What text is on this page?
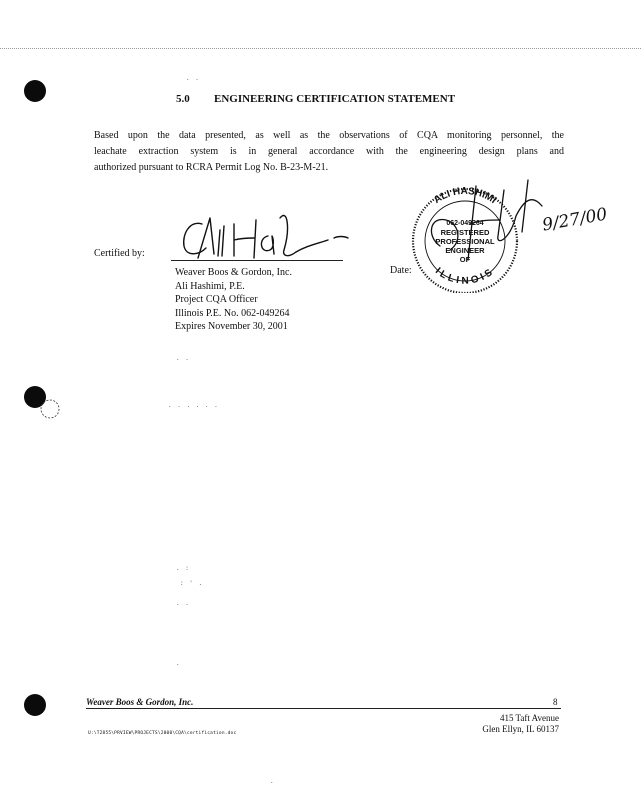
. .
. .
. . . . . .
. :
: ' .
. .
.
.
5.0 ENGINEERING CERTIFICATION STATEMENT
Based upon the data presented, as well as the observations of CQA monitoring personnel, the
leachate extraction system is in general accordance with the engineering design plans and
authorized pursuant to RCRA Permit Log No. B-23-M-21.
Certified by:
Weaver Boos & Gordon, Inc.
Ali Hashimi, P.E.
Project CQA Officer
Illinois P.E. No. 062-049264
Expires November 30, 2001
ALI HASHIMI
ILLINOIS
062-049264
REGISTERED
PROFESSIONAL
ENGINEER
OF
9/27/00
Date:
Weaver Boos & Gordon, Inc.	8
415 Taft Avenue
Glen Ellyn, IL 60137
U:\T2855\PRVIEW\PROJECTS\2000\CQA\certification.doc
